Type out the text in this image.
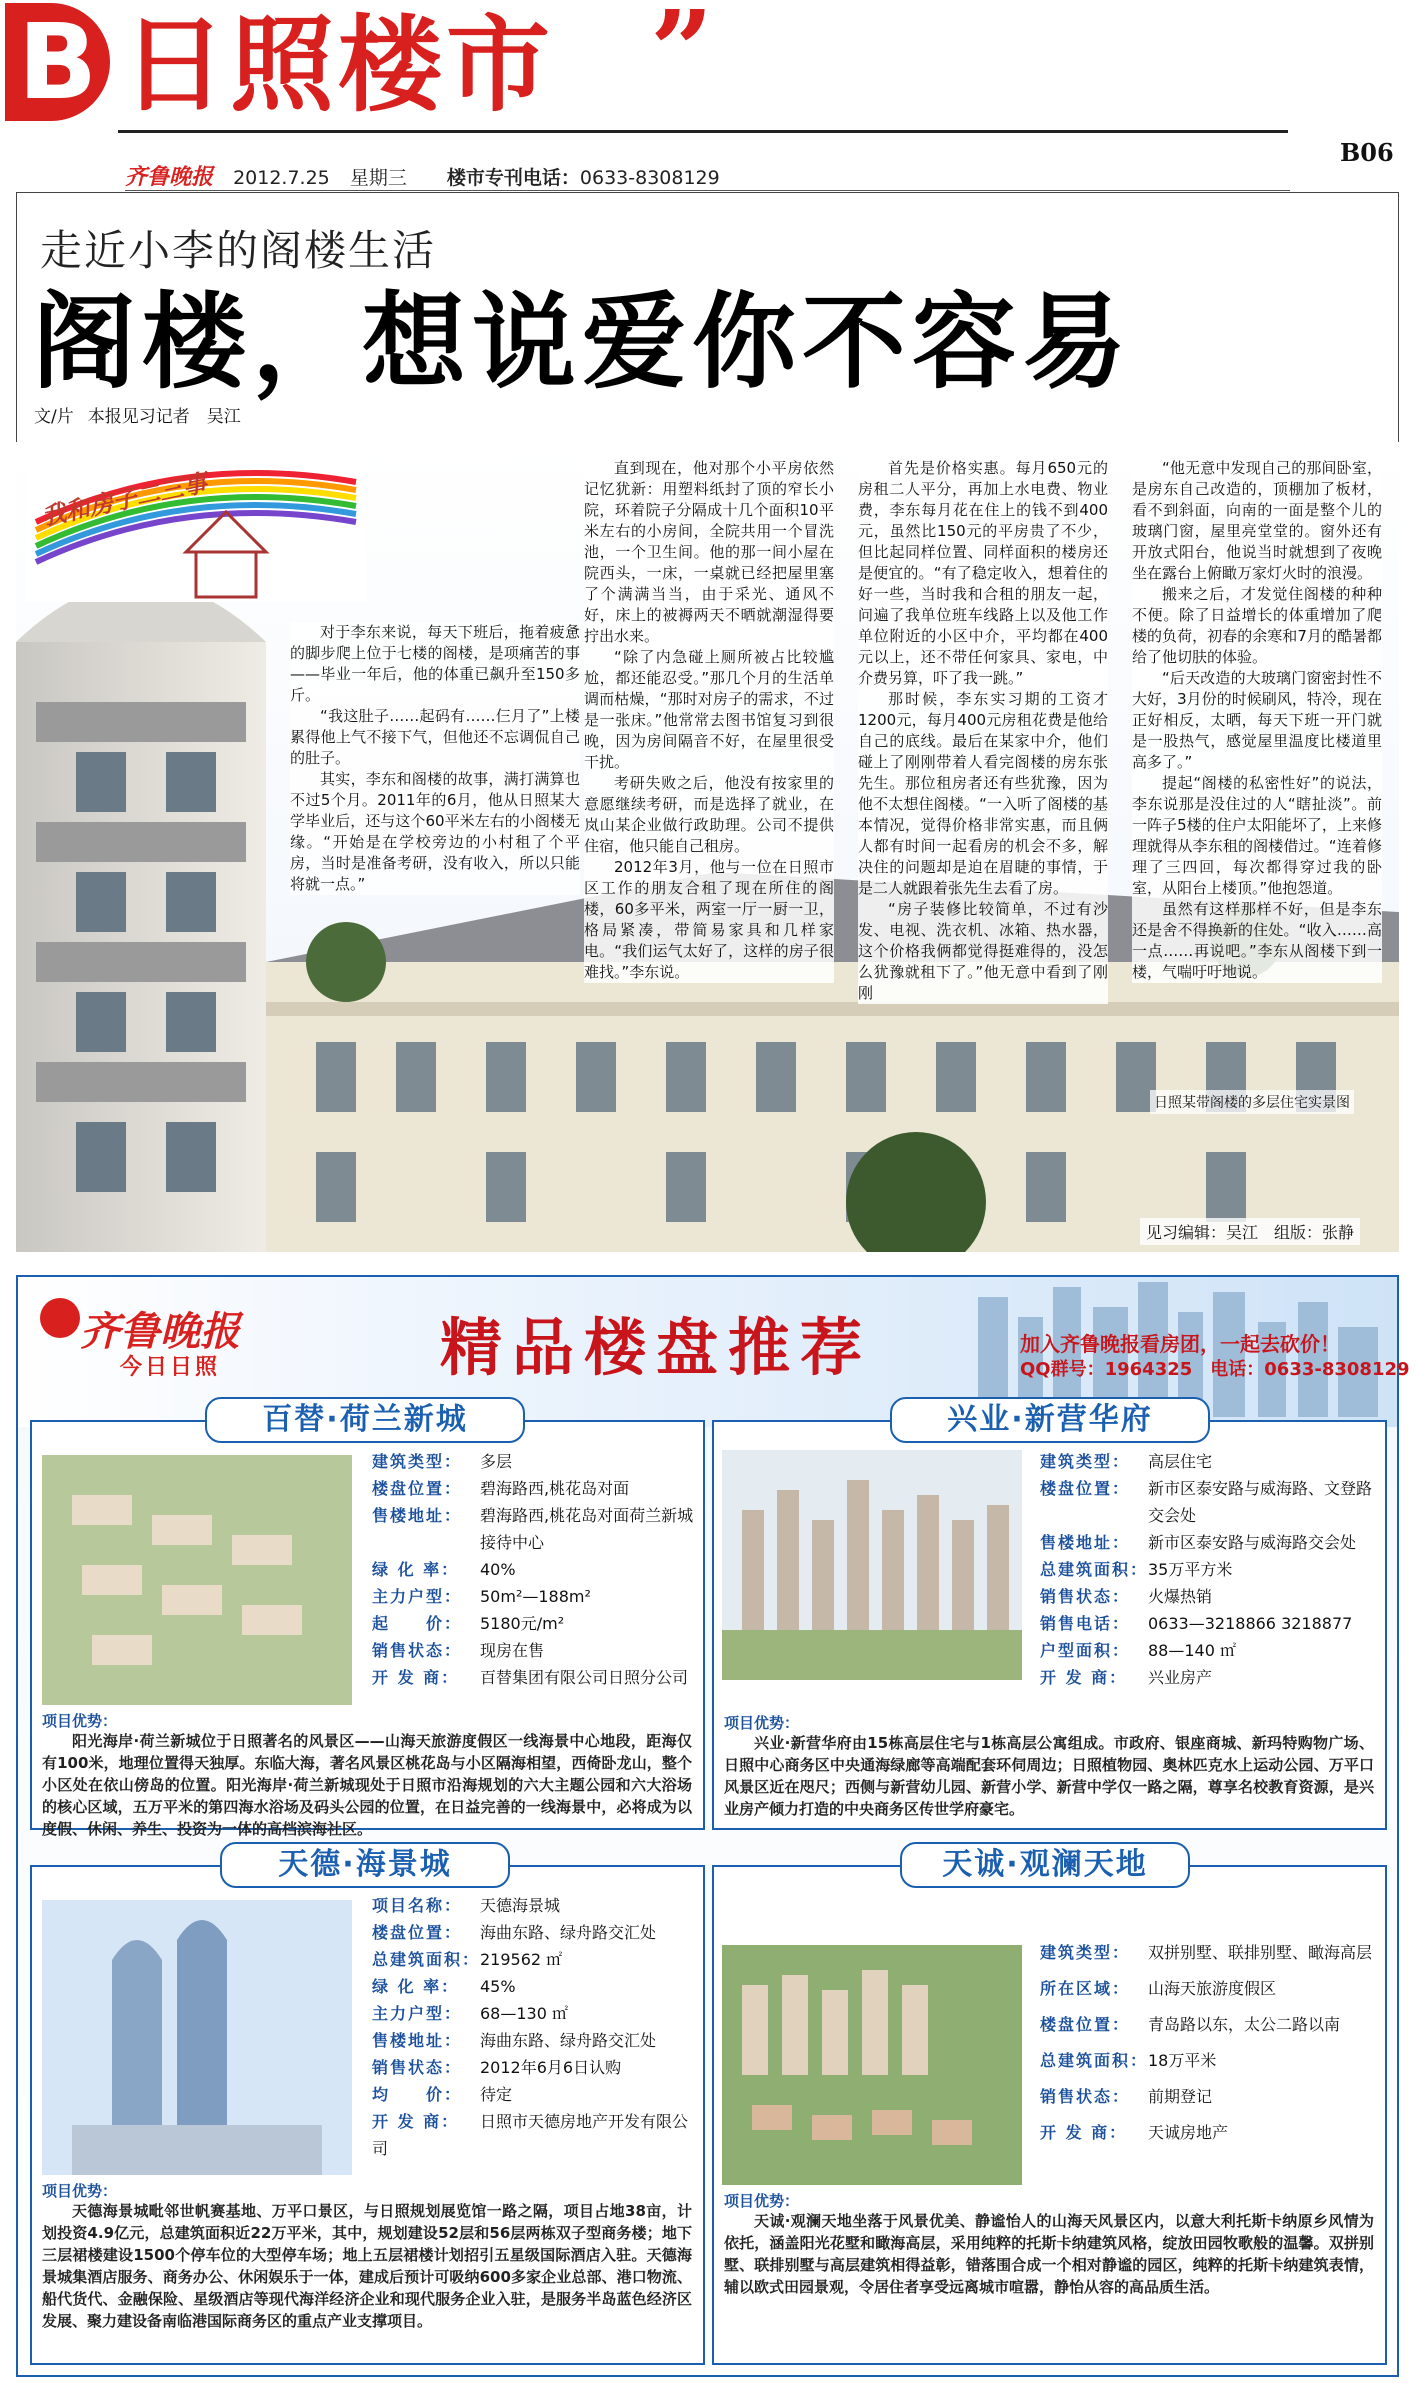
B 日照楼市 ”
B06
齐鲁晚报 2012.7.25 星期三 楼市专刊电话：0633-8308129
走近小李的阁楼生活
阁楼，想说爱你不容易
文/片 本报见习记者　吴江
我和房子二三事

对于李东来说，每天下班后，拖着疲惫的脚步爬上位于七楼的阁楼，是项痛苦的事——毕业一年后，他的体重已飙升至150多斤。

“我这肚子……起码有……仨月了”上楼累得他上气不接下气，但他还不忘调侃自己的肚子。

其实，李东和阁楼的故事，满打满算也不过5个月。2011年的6月，他从日照某大学毕业后，还与这个60平米左右的小阁楼无缘。“开始是在学校旁边的小村租了个平房，当时是准备考研，没有收入，所以只能将就一点。”

直到现在，他对那个小平房依然记忆犹新：用塑料纸封了顶的窄长小院，环着院子分隔成十几个面积10平米左右的小房间，全院共用一个冒洗池，一个卫生间。他的那一间小屋在院西头，一床，一桌就已经把屋里塞了个满满当当，由于采光、通风不好，床上的被褥两天不晒就潮湿得要拧出水来。

“除了内急碰上厕所被占比较尴尬，都还能忍受。”那几个月的生活单调而枯燥，“那时对房子的需求，不过是一张床。”他常常去图书馆复习到很晚，因为房间隔音不好，在屋里很受干扰。

考研失败之后，他没有按家里的意愿继续考研，而是选择了就业，在岚山某企业做行政助理。公司不提供住宿，他只能自己租房。

2012年3月，他与一位在日照市区工作的朋友合租了现在所住的阁楼，60多平米，两室一厅一厨一卫，格局紧凑，带简易家具和几样家电。“我们运气太好了，这样的房子很难找。”李东说。

首先是价格实惠。每月650元的房租二人平分，再加上水电费、物业费，李东每月花在住上的钱不到400元，虽然比150元的平房贵了不少，但比起同样位置、同样面积的楼房还是便宜的。“有了稳定收入，想着住的好一些，当时我和合租的朋友一起，问遍了我单位班车线路上以及他工作单位附近的小区中介，平均都在400元以上，还不带任何家具、家电，中介费另算，吓了我一跳。”

那时候，李东实习期的工资才1200元，每月400元房租花费是他给自己的底线。最后在某家中介，他们碰上了刚刚带着人看完阁楼的房东张先生。那位租房者还有些犹豫，因为他不太想住阁楼。“一入听了阁楼的基本情况，觉得价格非常实惠，而且俩人都有时间一起看房的机会不多，解决住的问题却是迫在眉睫的事情，于是二人就跟着张先生去看了房。

“房子装修比较简单，不过有沙发、电视、洗衣机、冰箱、热水器，这个价格我俩都觉得挺难得的，没怎么犹豫就租下了。”他无意中看到了刚刚

“他无意中发现自己的那间卧室，是房东自己改造的，顶棚加了板材，看不到斜面，向南的一面是整个儿的玻璃门窗，屋里亮堂堂的。窗外还有开放式阳台，他说当时就想到了夜晚坐在露台上俯瞰万家灯火时的浪漫。

搬来之后，才发觉住阁楼的种种不便。除了日益增长的体重增加了爬楼的负荷，初春的余寒和7月的酷暑都给了他切肤的体验。

“后天改造的大玻璃门窗密封性不大好，3月份的时候刷风，特冷，现在正好相反，太晒，每天下班一开门就是一股热气，感觉屋里温度比楼道里高多了。”

提起“阁楼的私密性好”的说法，李东说那是没住过的人“瞎扯淡”。前一阵子5楼的住户太阳能坏了，上来修理就得从李东租的阁楼借过。“连着修理了三四回，每次都得穿过我的卧室，从阳台上楼顶。”他抱怨道。

虽然有这样那样不好，但是李东还是舍不得换新的住处。“收入……高一点……再说吧。”李东从阁楼下到一楼，气喘吁吁地说。

日照某带阁楼的多层住宅实景图
见习编辑：吴江　组版：张静
齐鲁晚报
今日日照	精品楼盘推荐	加入齐鲁晚报看房团，一起去砍价！
QQ群号：1964325　电话：0633-8308129
百替·荷兰新城
建筑类型： 多层
楼盘位置： 碧海路西,桃花岛对面
售楼地址：	碧海路西,桃花岛对面荷兰新城接待中心
绿 化 率： 40%
主力户型： 50m²—188m²
起　　价： 5180元/m²
销售状态： 现房在售
开 发 商： 百替集团有限公司日照分公司
项目优势：
阳光海岸·荷兰新城位于日照著名的风景区——山海天旅游度假区一线海景中心地段，距海仅有100米，地理位置得天独厚。东临大海，著名风景区桃花岛与小区隔海相望，西倚卧龙山，整个小区处在依山傍岛的位置。阳光海岸·荷兰新城现处于日照市沿海规划的六大主题公园和六大浴场的核心区域，五万平米的第四海水浴场及码头公园的位置，在日益完善的一线海景中，必将成为以度假、休闲、养生、投资为一体的高档滨海社区。
兴业·新营华府
建筑类型： 高层住宅
楼盘位置：	新市区泰安路与威海路、文登路交会处
售楼地址：	新市区泰安路与威海路交会处
总建筑面积：35万平方米
销售状态： 火爆热销
销售电话： 0633—3218866 3218877
户型面积： 88—140 ㎡
开 发 商： 兴业房产
项目优势：
兴业·新营华府由15栋高层住宅与1栋高层公寓组成。市政府、银座商城、新玛特购物广场、日照中心商务区中央通海绿廊等高端配套环伺周边；日照植物园、奥林匹克水上运动公园、万平口风景区近在咫尺；西侧与新营幼儿园、新营小学、新营中学仅一路之隔，尊享名校教育资源，是兴业房产倾力打造的中央商务区传世学府豪宅。
天德·海景城
项目名称： 天德海景城
楼盘位置： 海曲东路、绿舟路交汇处
总建筑面积：219562 ㎡
绿 化 率： 45%
主力户型： 68—130 ㎡
售楼地址： 海曲东路、绿舟路交汇处
销售状态： 2012年6月6日认购
均　　价： 待定
开 发 商： 日照市天德房地产开发有限公司
项目优势：
天德海景城毗邻世帆赛基地、万平口景区，与日照规划展览馆一路之隔，项目占地38亩，计划投资4.9亿元，总建筑面积近22万平米，其中，规划建设52层和56层两栋双子型商务楼；地下三层裙楼建设1500个停车位的大型停车场；地上五层裙楼计划招引五星级国际酒店入驻。天德海景城集酒店服务、商务办公、休闲娱乐于一体，建成后预计可吸纳600多家企业总部、港口物流、船代货代、金融保险、星级酒店等现代海洋经济企业和现代服务企业入驻，是服务半岛蓝色经济区发展、聚力建设备南临港国际商务区的重点产业支撑项目。
天诚·观澜天地
建筑类型： 双拼别墅、联排别墅、瞰海高层
所在区域： 山海天旅游度假区
楼盘位置： 青岛路以东，太公二路以南
总建筑面积：18万平米
销售状态： 前期登记
开 发 商： 天诚房地产
项目优势：
天诚·观澜天地坐落于风景优美、静谧怡人的山海天风景区内，以意大利托斯卡纳原乡风情为依托，涵盖阳光花墅和瞰海高层，采用纯粹的托斯卡纳建筑风格，绽放田园牧歌般的温馨。双拼别墅、联排别墅与高层建筑相得益彰，错落围合成一个相对静谧的园区，纯粹的托斯卡纳建筑表情，辅以欧式田园景观，令居住者享受远离城市喧嚣，静怡从容的高品质生活。
